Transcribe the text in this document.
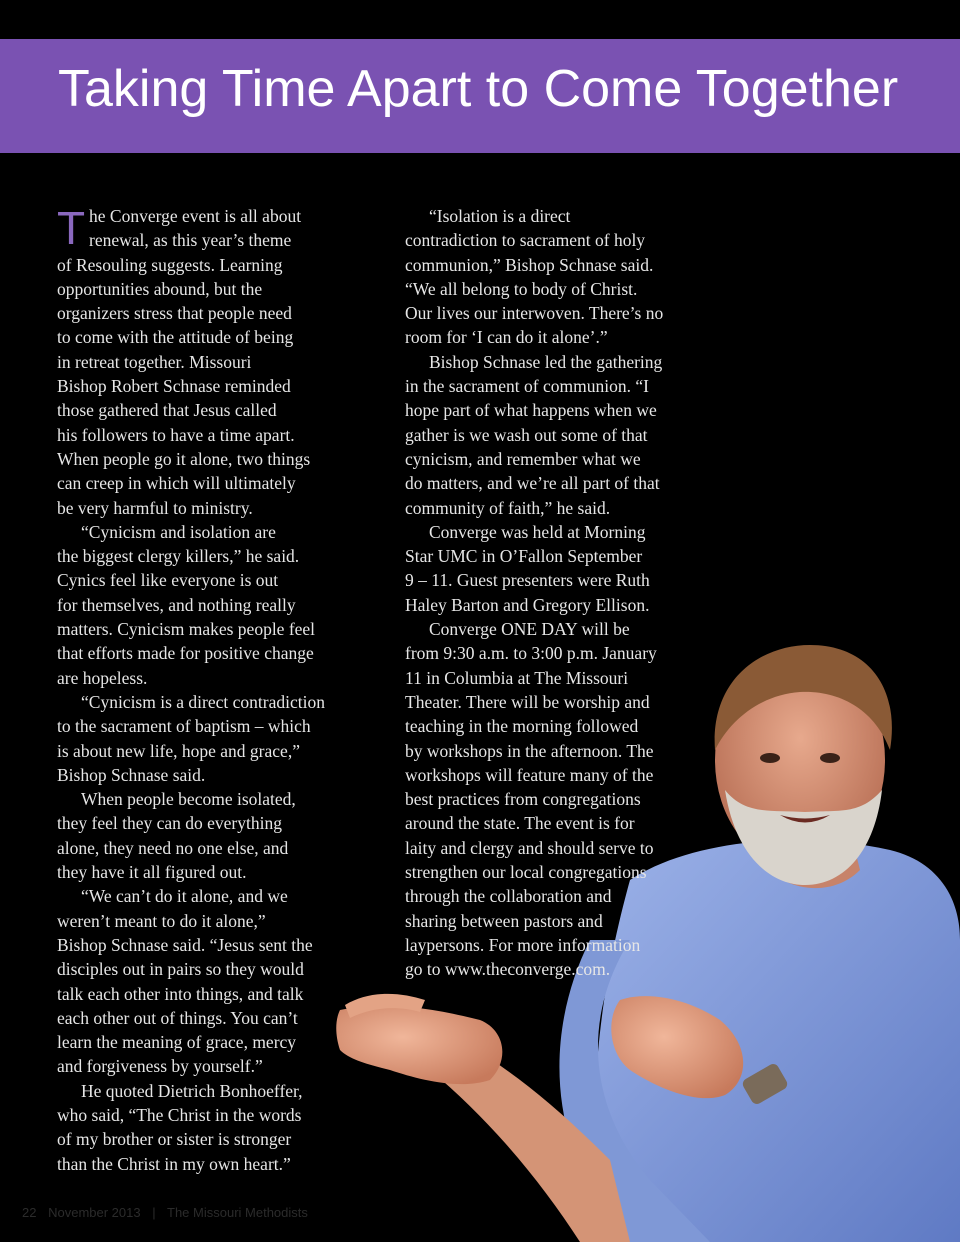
Taking Time Apart to Come Together
T he Converge event is all about
renewal, as this year’s theme
of Resouling suggests. Learning
opportunities abound, but the
organizers stress that people need
to come with the attitude of being
in retreat together. Missouri
Bishop Robert Schnase reminded
those gathered that Jesus called
his followers to have a time apart.
When people go it alone, two things
can creep in which will ultimately
be very harmful to ministry.
“Cynicism and isolation are
the biggest clergy killers,” he said.
Cynics feel like everyone is out
for themselves, and nothing really
matters. Cynicism makes people feel
that efforts made for positive change
are hopeless.
“Cynicism is a direct contradiction
to the sacrament of baptism – which
is about new life, hope and grace,”
Bishop Schnase said.
When people become isolated,
they feel they can do everything
alone, they need no one else, and
they have it all figured out.
“We can’t do it alone, and we
weren’t meant to do it alone,”
Bishop Schnase said. “Jesus sent the
disciples out in pairs so they would
talk each other into things, and talk
each other out of things. You can’t
learn the meaning of grace, mercy
and forgiveness by yourself.”
He quoted Dietrich Bonhoeffer,
who said, “The Christ in the words
of my brother or sister is stronger
than the Christ in my own heart.”
“Isolation is a direct
contradiction to sacrament of holy
communion,” Bishop Schnase said.
“We all belong to body of Christ.
Our lives our interwoven. There’s no
room for ‘I can do it alone’.”
Bishop Schnase led the gathering
in the sacrament of communion. “I
hope part of what happens when we
gather is we wash out some of that
cynicism, and remember what we
do matters, and we’re all part of that
community of faith,” he said.
Converge was held at Morning
Star UMC in O’Fallon September
9 – 11. Guest presenters were Ruth
Haley Barton and Gregory Ellison.
Converge ONE DAY will be
from 9:30 a.m. to 3:00 p.m. January
11 in Columbia at The Missouri
Theater. There will be worship and
teaching in the morning followed
by workshops in the afternoon. The
workshops will feature many of the
best practices from congregations
around the state. The event is for
laity and clergy and should serve to
strengthen our local congregations
through the collaboration and
sharing between pastors and
laypersons. For more information
go to www.theconverge.com.
22 November 2013 | The Missouri Methodists
